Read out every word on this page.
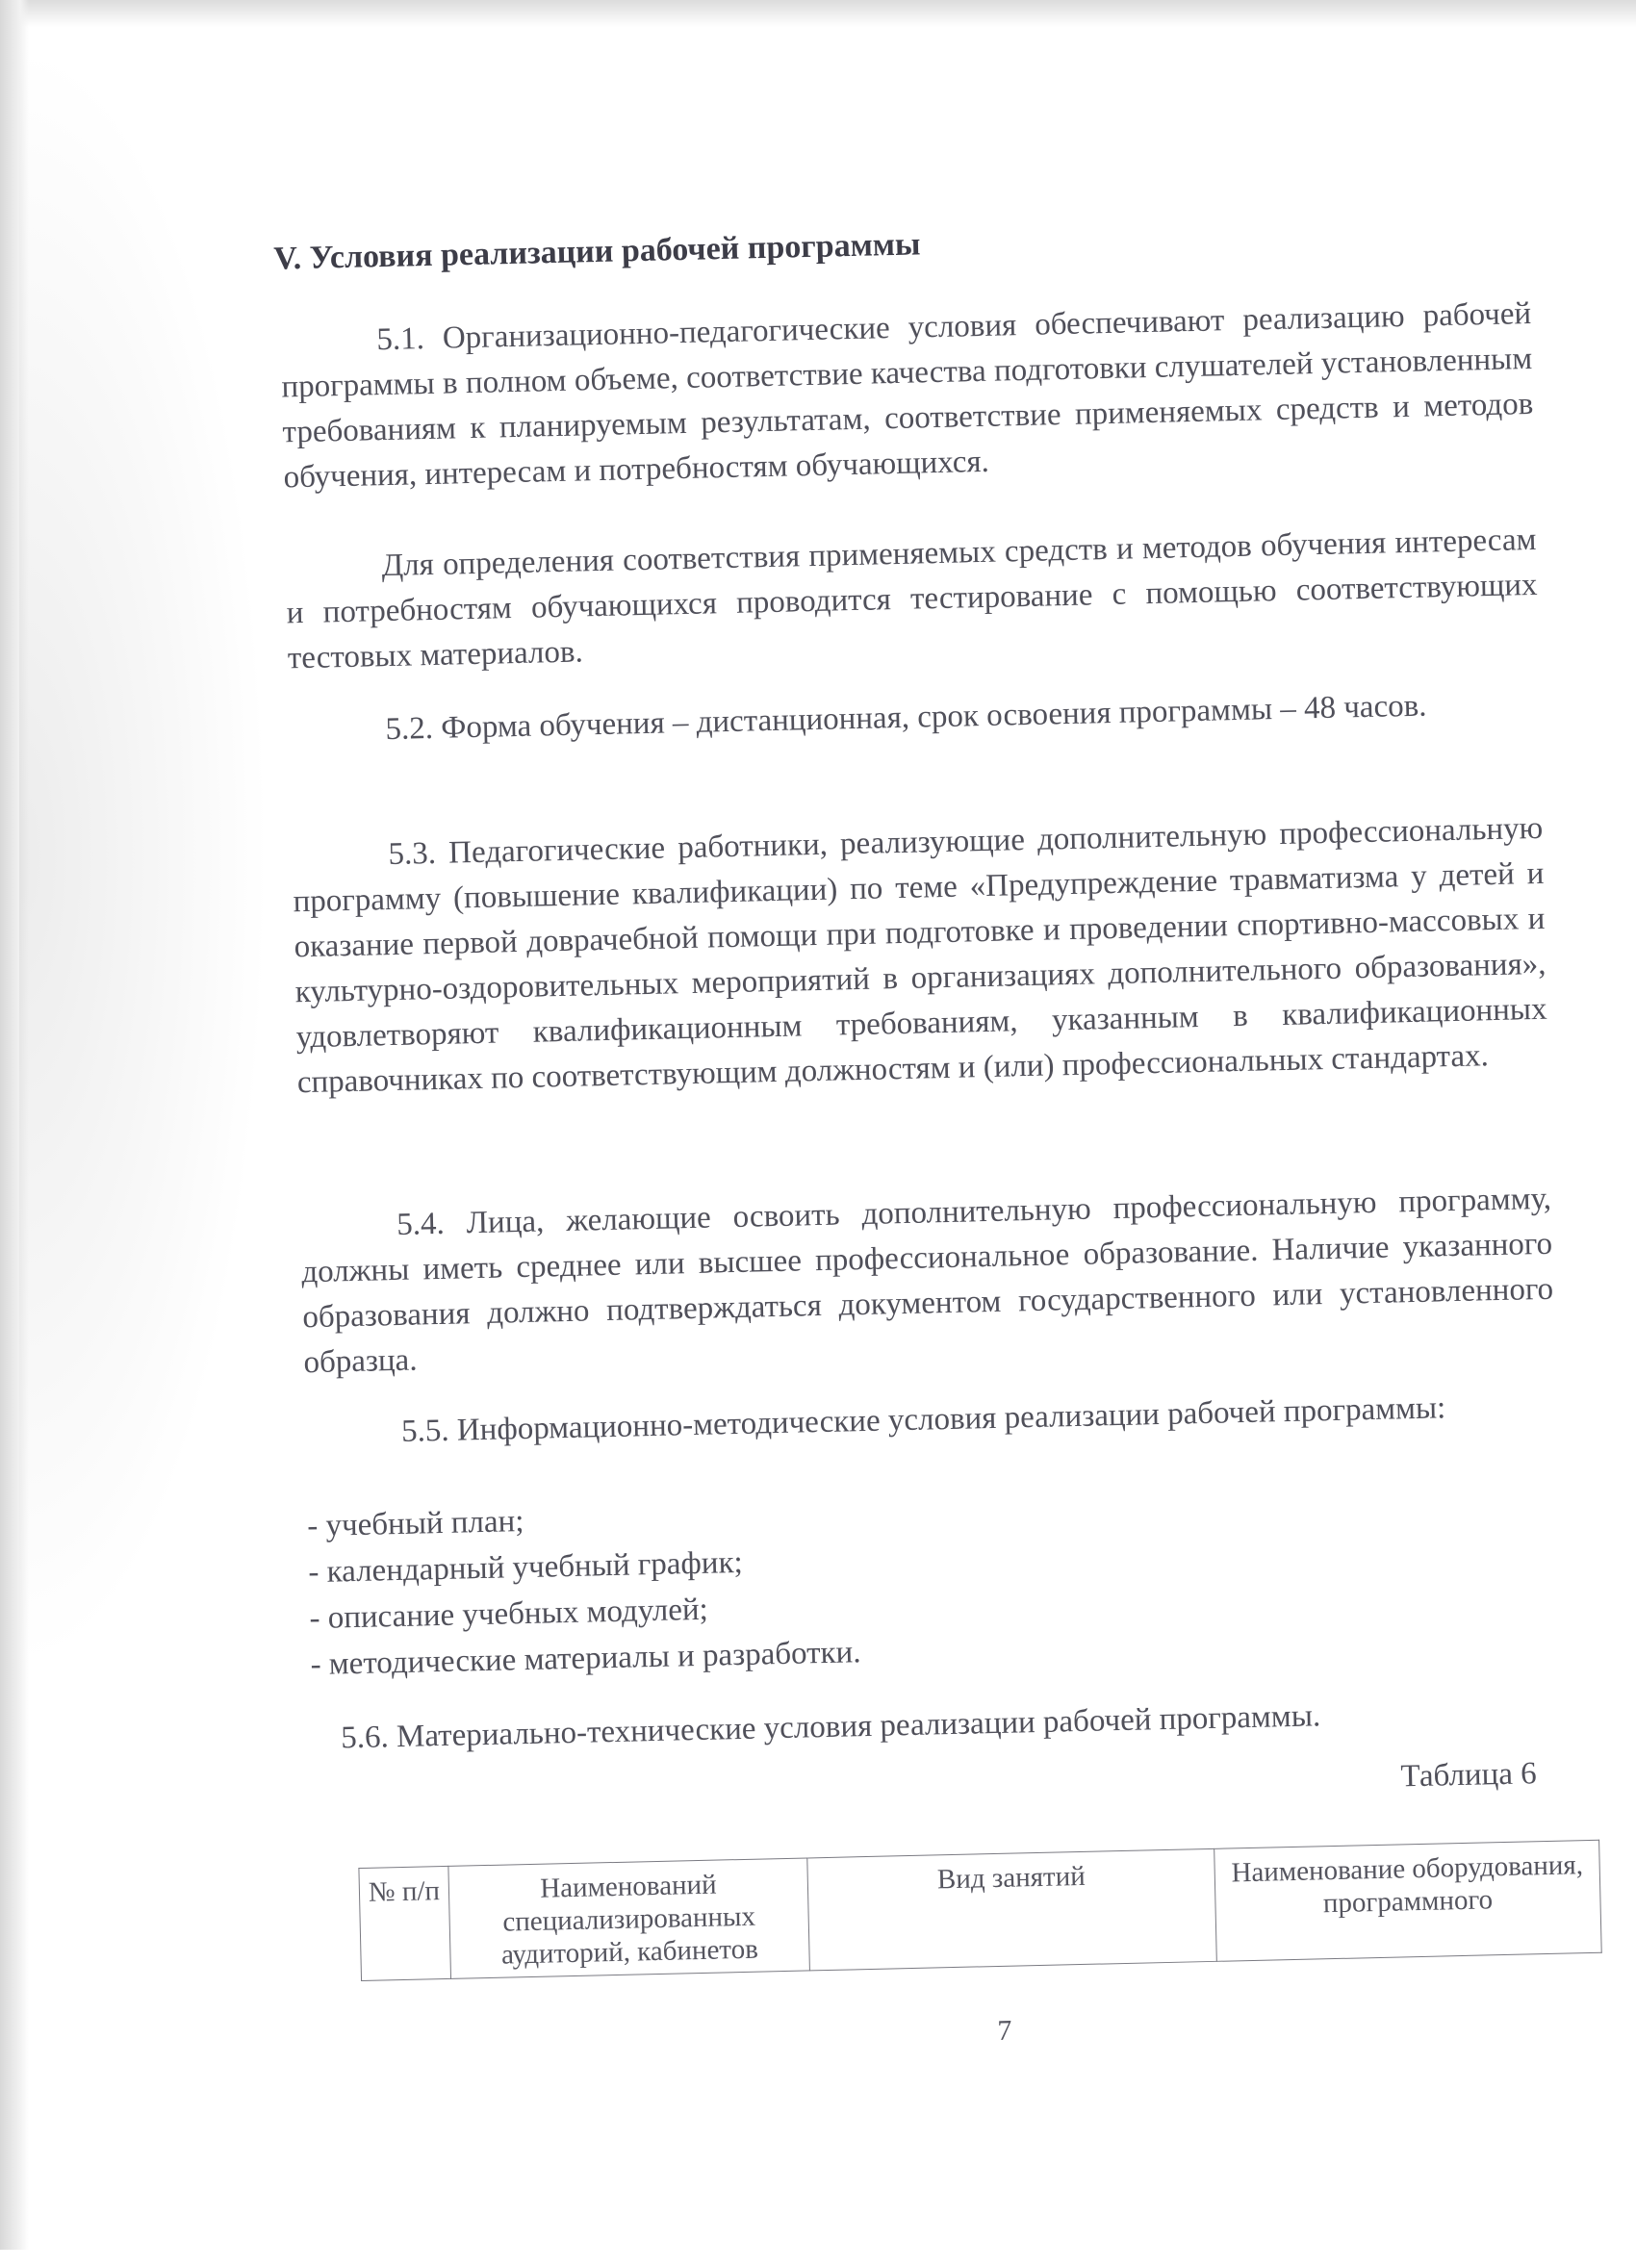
V. Условия реализации рабочей программы

5.1. Организационно-педагогические условия обеспечивают реализацию рабочей программы в полном объеме, соответствие качества подготовки слушателей установленным требованиям к планируемым результатам, соответствие применяемых средств и методов обучения, интересам и потребностям обучающихся.

Для определения соответствия применяемых средств и методов обучения интересам и потребностям обучающихся проводится тестирование с помощью соответствующих тестовых материалов.

5.2. Форма обучения – дистанционная, срок освоения программы – 48 часов.

5.3. Педагогические работники, реализующие дополнительную профессиональную программу (повышение квалификации) по теме «Предупреждение травматизма у детей и оказание первой доврачебной помощи при подготовке и проведении спортивно-массовых и культурно-оздоровительных мероприятий в организациях дополнительного образования», удовлетворяют квалификационным требованиям, указанным в квалификационных справочниках по соответствующим должностям и (или) профессиональных стандартах.

5.4. Лица, желающие освоить дополнительную профессиональную программу, должны иметь среднее или высшее профессиональное образование. Наличие указанного образования должно подтверждаться документом государственного или установленного образца.

5.5. Информационно-методические условия реализации рабочей программы:

- учебный план;
- календарный учебный график;
- описание учебных модулей;
- методические материалы и разработки.

5.6. Материально-технические условия реализации рабочей программы.

Таблица 6

№ п/п	Наименований специализированных аудиторий, кабинетов	Вид занятий	Наименование оборудования, программного

7
